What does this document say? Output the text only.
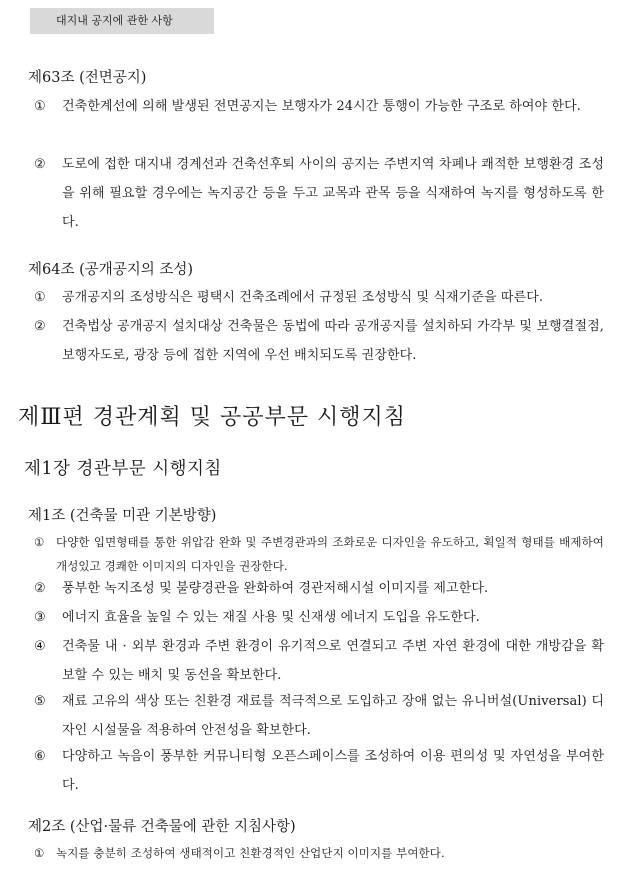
대지내 공지에 관한 사항
제63조 (전면공지)
①	건축한계선에 의해 발생된 전면공지는 보행자가 24시간 통행이 가능한 구조로 하여야 한다.
②	도로에 접한 대지내 경계선과 건축선후퇴 사이의 공지는 주변지역 차폐나 쾌적한 보행환경 조성을 위해 필요할 경우에는 녹지공간 등을 두고 교목과 관목 등을 식재하여 녹지를 형성하도록 한다.
제64조 (공개공지의 조성)
①	공개공지의 조성방식은 평택시 건축조례에서 규정된 조성방식 및 식재기준을 따른다.
②	건축법상 공개공지 설치대상 건축물은 동법에 따라 공개공지를 설치하되 가각부 및 보행결절점, 보행자도로, 광장 등에 접한 지역에 우선 배치되도록 권장한다.
제Ⅲ편 경관계획 및 공공부문 시행지침
제1장 경관부문 시행지침
제1조 (건축물 미관 기본방향)
①	다양한 입면형태를 통한 위압감 완화 및 주변경관과의 조화로운 디자인을 유도하고, 획일적 형태를 배제하여 개성있고 경쾌한 이미지의 디자인을 권장한다.
②	풍부한 녹지조성 및 불량경관을 완화하여 경관저해시설 이미지를 제고한다.
③	에너지 효율을 높일 수 있는 재질 사용 및 신재생 에너지 도입을 유도한다.
④	건축물 내 · 외부 환경과 주변 환경이 유기적으로 연결되고 주변 자연 환경에 대한 개방감을 확보할 수 있는 배치 및 동선을 확보한다.
⑤	재료 고유의 색상 또는 친환경 재료를 적극적으로 도입하고 장애 없는 유니버설(Universal) 디자인 시설물을 적용하여 안전성을 확보한다.
⑥	다양하고 녹음이 풍부한 커뮤니티형 오픈스페이스를 조성하여 이용 편의성 및 자연성을 부여한다.
제2조 (산업·물류 건축물에 관한 지침사항)
①	녹지를 충분히 조성하여 생태적이고 친환경적인 산업단지 이미지를 부여한다.
